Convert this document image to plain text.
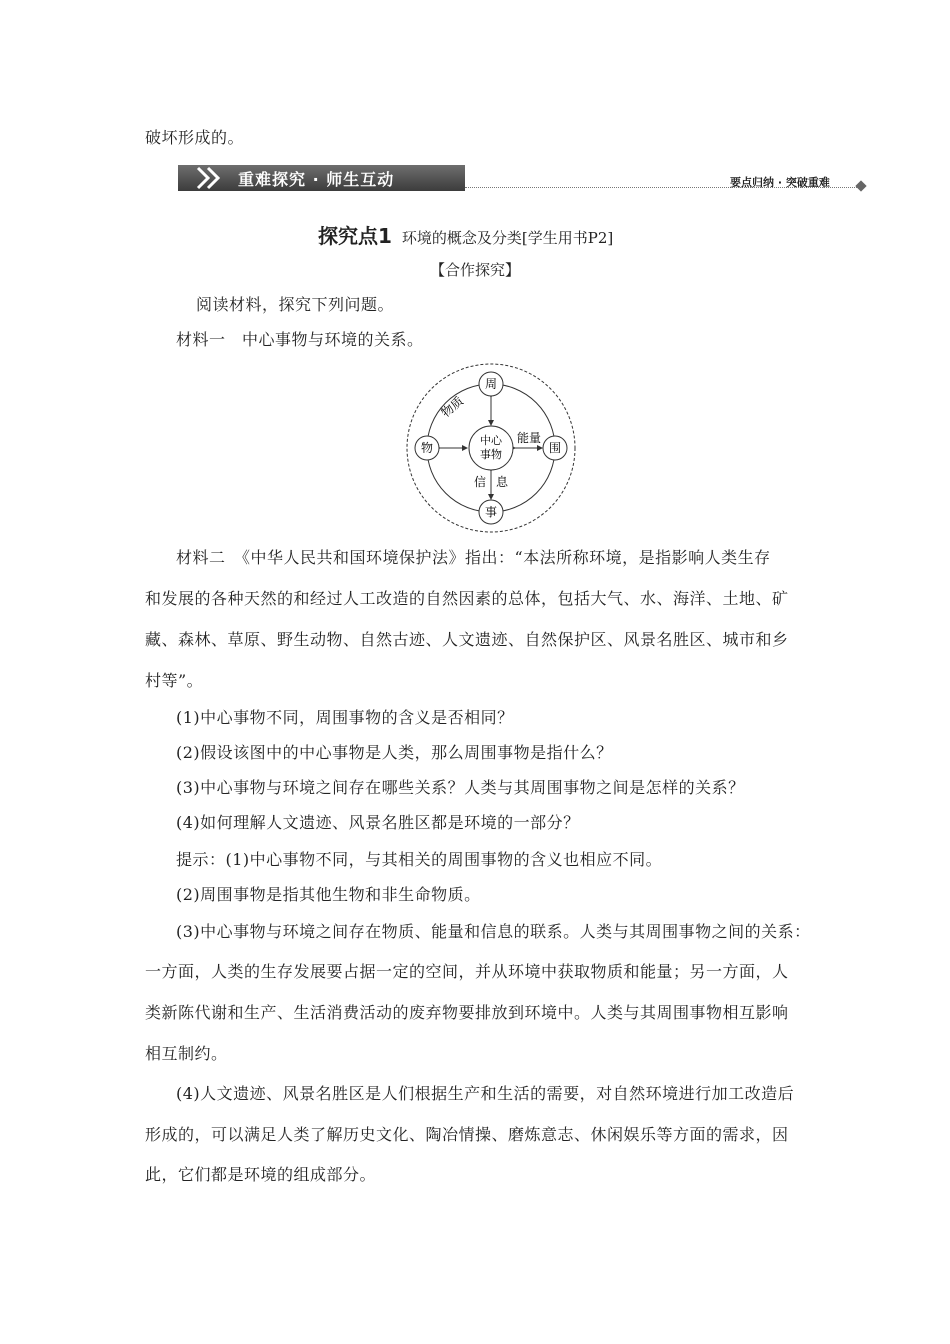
破坏形成的。
重难探究 · 师生互动	要点归纳 · 突破重难
探究点1 环境的概念及分类[学生用书P2]
【合作探究】
阅读材料，探究下列问题。
材料一　中心事物与环境的关系。
中心
事物
周
物	围
事
物质
能量
信 息
材料二　《中华人民共和国环境保护法》指出：“本法所称环境，是指影响人类生存
和发展的各种天然的和经过人工改造的自然因素的总体，包括大气、水、海洋、土地、矿
藏、森林、草原、野生动物、自然古迹、人文遗迹、自然保护区、风景名胜区、城市和乡
村等”。
(1)中心事物不同，周围事物的含义是否相同？
(2)假设该图中的中心事物是人类，那么周围事物是指什么？
(3)中心事物与环境之间存在哪些关系？人类与其周围事物之间是怎样的关系？
(4)如何理解人文遗迹、风景名胜区都是环境的一部分？
提示：(1)中心事物不同，与其相关的周围事物的含义也相应不同。
(2)周围事物是指其他生物和非生命物质。
(3)中心事物与环境之间存在物质、能量和信息的联系。人类与其周围事物之间的关系：
一方面，人类的生存发展要占据一定的空间，并从环境中获取物质和能量；另一方面，人
类新陈代谢和生产、生活消费活动的废弃物要排放到环境中。人类与其周围事物相互影响
相互制约。
(4)人文遗迹、风景名胜区是人们根据生产和生活的需要，对自然环境进行加工改造后
形成的，可以满足人类了解历史文化、陶冶情操、磨炼意志、休闲娱乐等方面的需求，因
此，它们都是环境的组成部分。
